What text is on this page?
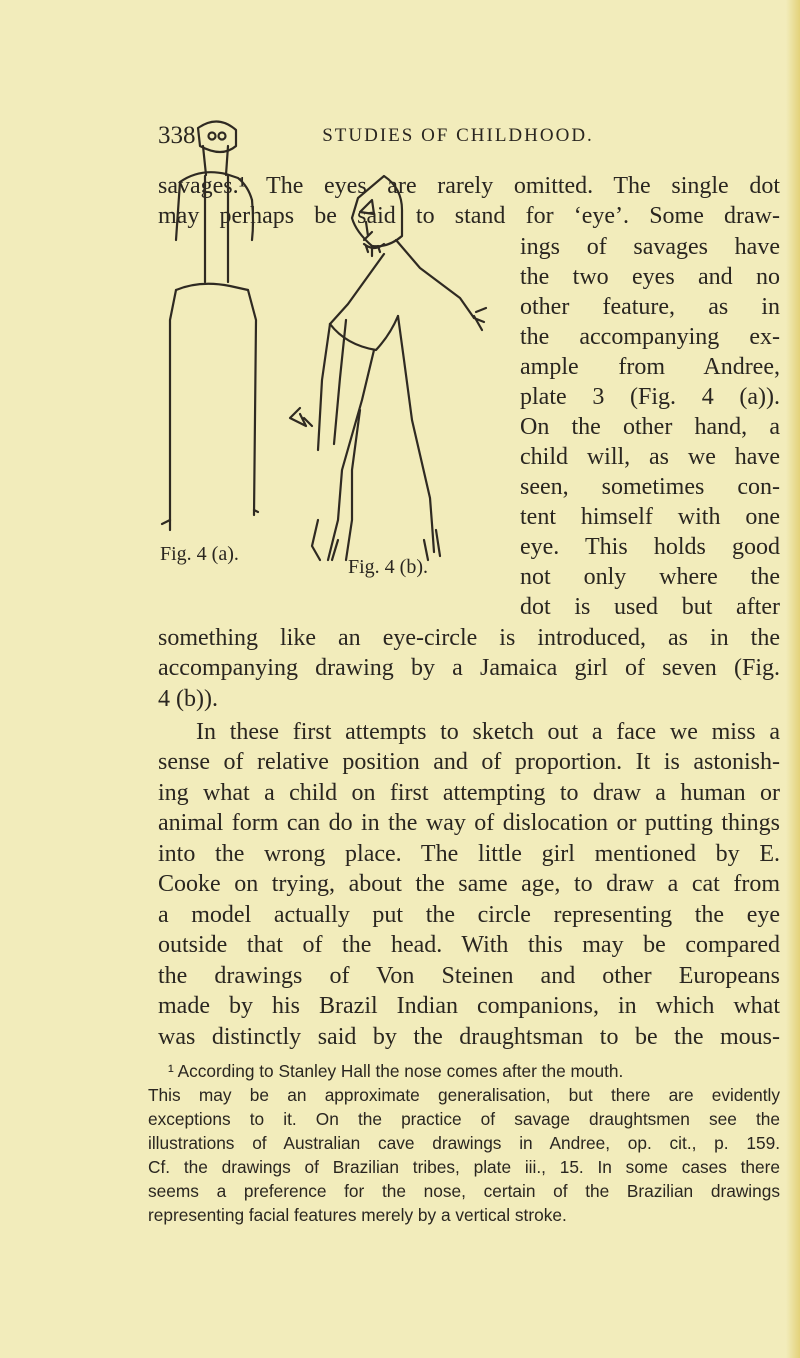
338	STUDIES OF CHILDHOOD.
savages.¹ The eyes are rarely omitted. The single dot
may perhaps be said to stand for ‘eye’. Some draw-
ings of savages have
the two eyes and no
other feature, as in
the accompanying ex-
ample from Andree,
plate 3 (Fig. 4 (a)).
On the other hand, a
child will, as we have
seen, sometimes con-
tent himself with one
eye. This holds good
not only where the
dot is used but after
something like an eye-circle is introduced, as in the
accompanying drawing by a Jamaica girl of seven (Fig.
4 (b)).
In these first attempts to sketch out a face we miss a
sense of relative position and of proportion. It is astonish-
ing what a child on first attempting to draw a human or
animal form can do in the way of dislocation or putting things
into the wrong place. The little girl mentioned by E.
Cooke on trying, about the same age, to draw a cat from
a model actually put the circle representing the eye
outside that of the head. With this may be compared
the drawings of Von Steinen and other Europeans
made by his Brazil Indian companions, in which what
was distinctly said by the draughtsman to be the mous-
¹ According to Stanley Hall the nose comes after the mouth.
This may be an approximate generalisation, but there are evidently
exceptions to it. On the practice of savage draughtsmen see the
illustrations of Australian cave drawings in Andree, op. cit., p. 159.
Cf. the drawings of Brazilian tribes, plate iii., 15. In some cases there
seems a preference for the nose, certain of the Brazilian drawings
representing facial features merely by a vertical stroke.
Fig. 4 (a).
Fig. 4 (b).
